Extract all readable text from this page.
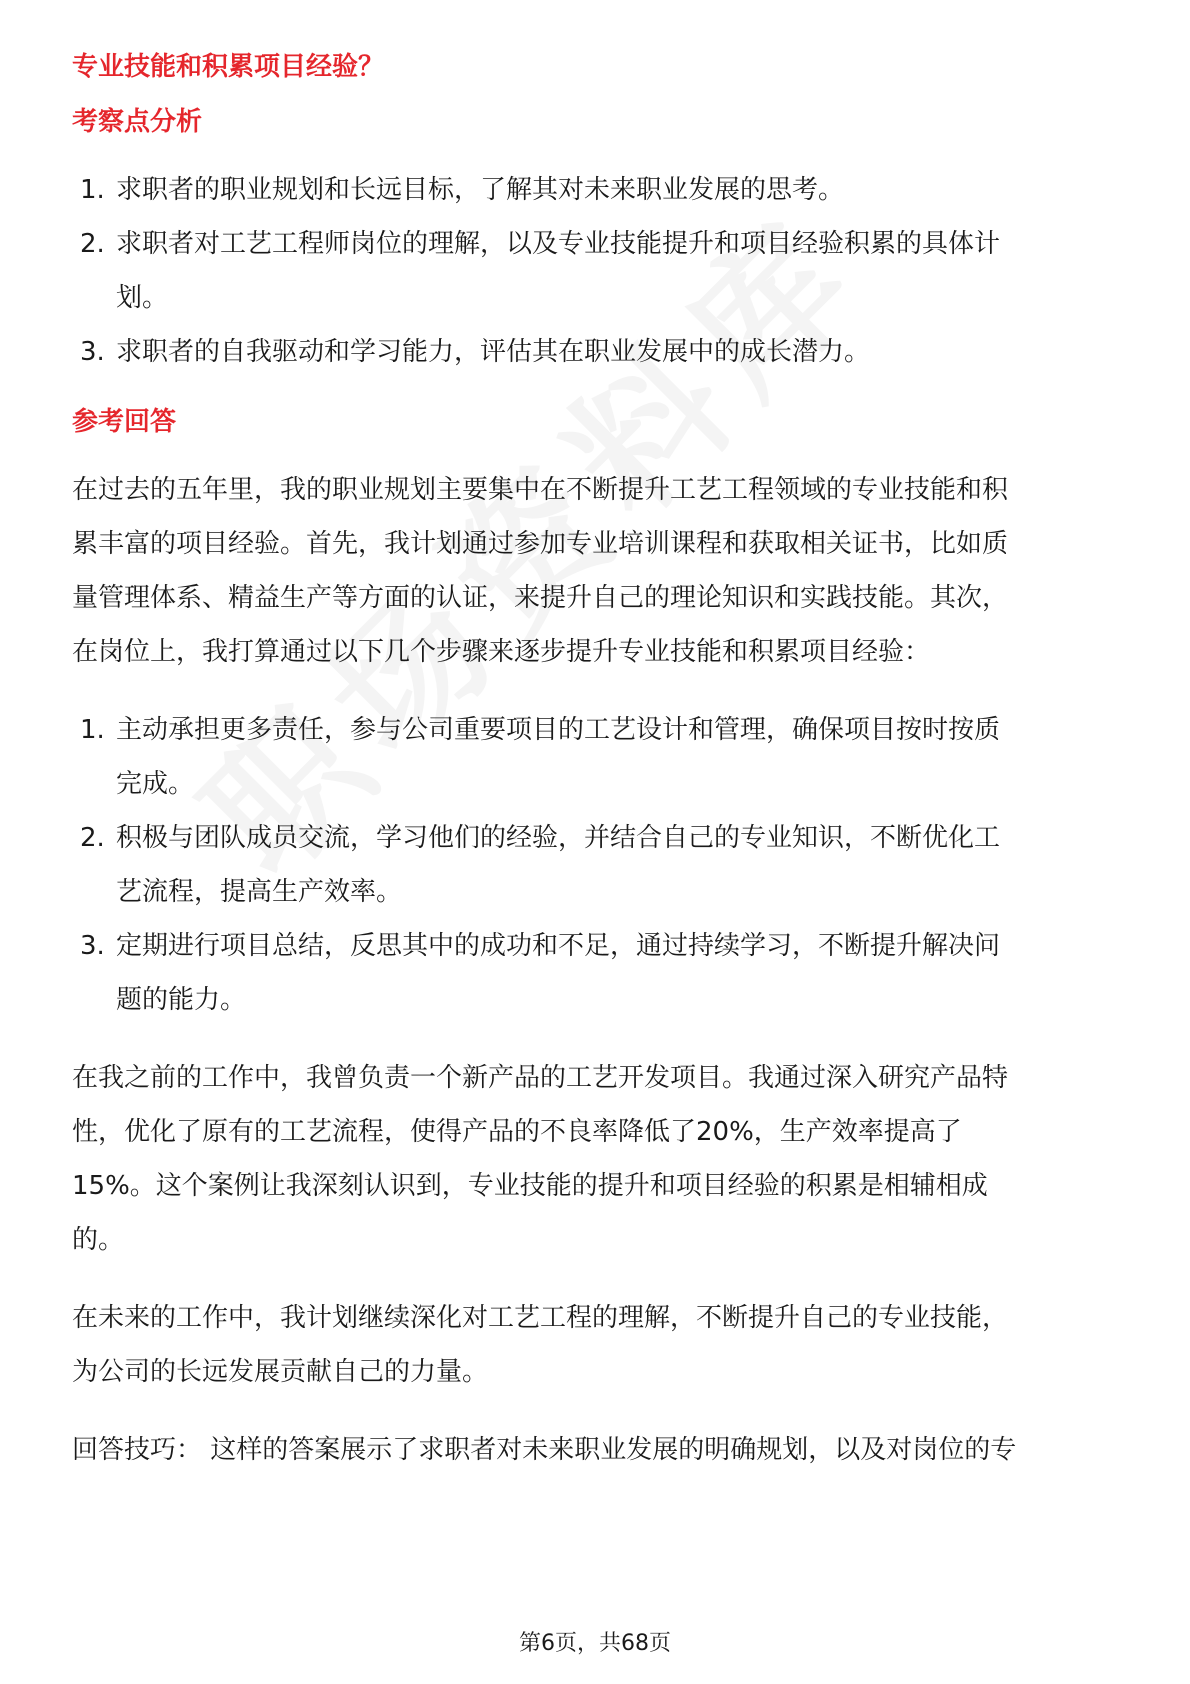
专业技能和积累项目经验？
考察点分析
1. 求职者的职业规划和长远目标，了解其对未来职业发展的思考。
2. 求职者对工艺工程师岗位的理解，以及专业技能提升和项目经验积累的具体计
划。
3. 求职者的自我驱动和学习能力，评估其在职业发展中的成长潜力。
参考回答
在过去的五年里，我的职业规划主要集中在不断提升工艺工程领域的专业技能和积
累丰富的项目经验。首先，我计划通过参加专业培训课程和获取相关证书，比如质
量管理体系、精益生产等方面的认证，来提升自己的理论知识和实践技能。其次，
在岗位上，我打算通过以下几个步骤来逐步提升专业技能和积累项目经验：
1. 主动承担更多责任，参与公司重要项目的工艺设计和管理，确保项目按时按质
完成。
2. 积极与团队成员交流，学习他们的经验，并结合自己的专业知识，不断优化工
艺流程，提高生产效率。
3. 定期进行项目总结，反思其中的成功和不足，通过持续学习，不断提升解决问
题的能力。
在我之前的工作中，我曾负责一个新产品的工艺开发项目。我通过深入研究产品特
性，优化了原有的工艺流程，使得产品的不良率降低了20%，生产效率提高了
15%。这个案例让我深刻认识到，专业技能的提升和项目经验的积累是相辅相成
的。
在未来的工作中，我计划继续深化对工艺工程的理解，不断提升自己的专业技能，
为公司的长远发展贡献自己的力量。
回答技巧： 这样的答案展示了求职者对未来职业发展的明确规划，以及对岗位的专
第6页，共68页
